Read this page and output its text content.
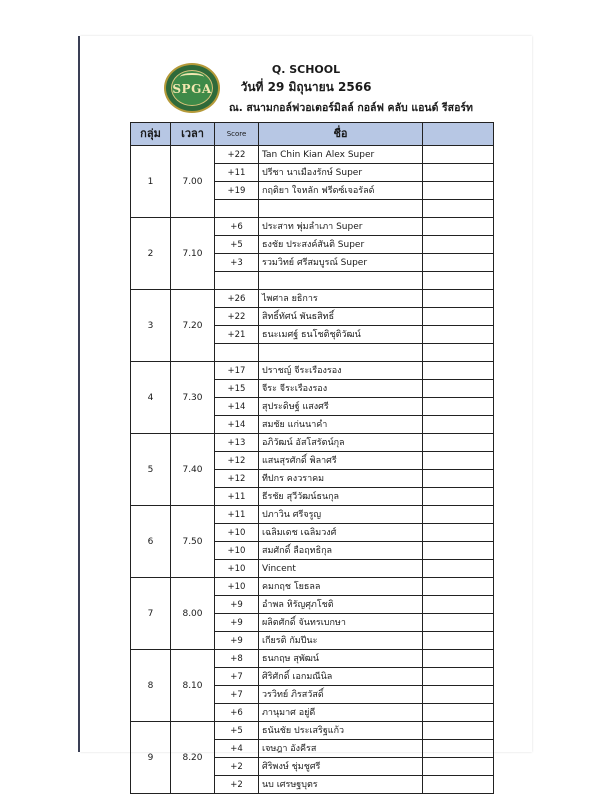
SPGA
Q. SCHOOL
วันที่ 29 มิถุนายน 2566
ณ. สนามกอล์ฟวอเตอร์มิลล์ กอล์ฟ คลับ แอนด์ รีสอร์ท
กลุ่ม	เวลา	Score	ชื่อ	
1	7.00	+22	Tan Chin Kian Alex Super	
		+11	ปรีชา นาเมืองรักษ์ Super	
		+19	กฤติยา ใจหลัก ฟรีดซ์เจอรัลด์	

2	7.10	+6	ประสาท พุ่มลำเภา Super	
		+5	ธงชัย ประสงค์สันติ Super	
		+3	รวมวิทย์ ศรีสมบูรณ์ Super	

3	7.20	+26	ไพศาล ยธิการ	
		+22	สิทธิ์ทัศน์ พันธสิทธิ์	
		+21	ธนะเมศฐ์ ธนโชติชุติวัฒน์	

4	7.30	+17	ปราชญ์ จีระเรืองรอง	
		+15	จีระ จีระเรืองรอง	
		+14	สุประดิษฐ์ แสงศรี	
		+14	สมชัย แก่นนาคำ	
5	7.40	+13	อภิวัฒน์ อัสโสรัตน์กุล	
		+12	แสนสุรศักดิ์ พิลาศรี	
		+12	ทีปกร คงวราคม	
		+11	ธีรชัย สุวีวัฒน์ธนกุล	
6	7.50	+11	ปภาวิน ศรีจรูญ	
		+10	เฉลิมเดช เฉลิมวงศ์	
		+10	สมศักดิ์ ลือฤทธิกุล	
		+10	Vincent	
7	8.00	+10	คมกฤช โยธลล	
		+9	อำพล หิรัญศุภโชติ	
		+9	ผลิตศักดิ์ จันทรเบกษา	
		+9	เกียรติ กัมปีนะ	
8	8.10	+8	ธนกฤษ สุพัฒน์	
		+7	ศิริศักดิ์ เอกมณีนิล	
		+7	วรวิทย์ ภิรสวัสดิ์	
		+6	ภานุมาศ อยู่ดี	
9	8.20	+5	ธนันชัย ประเสริฐแก้ว	
		+4	เจษฎา อังคีรส	
		+2	ศิริพงษ์ ชุ่มชูศรี	
		+2	นบ เศรษฐบุตร	
